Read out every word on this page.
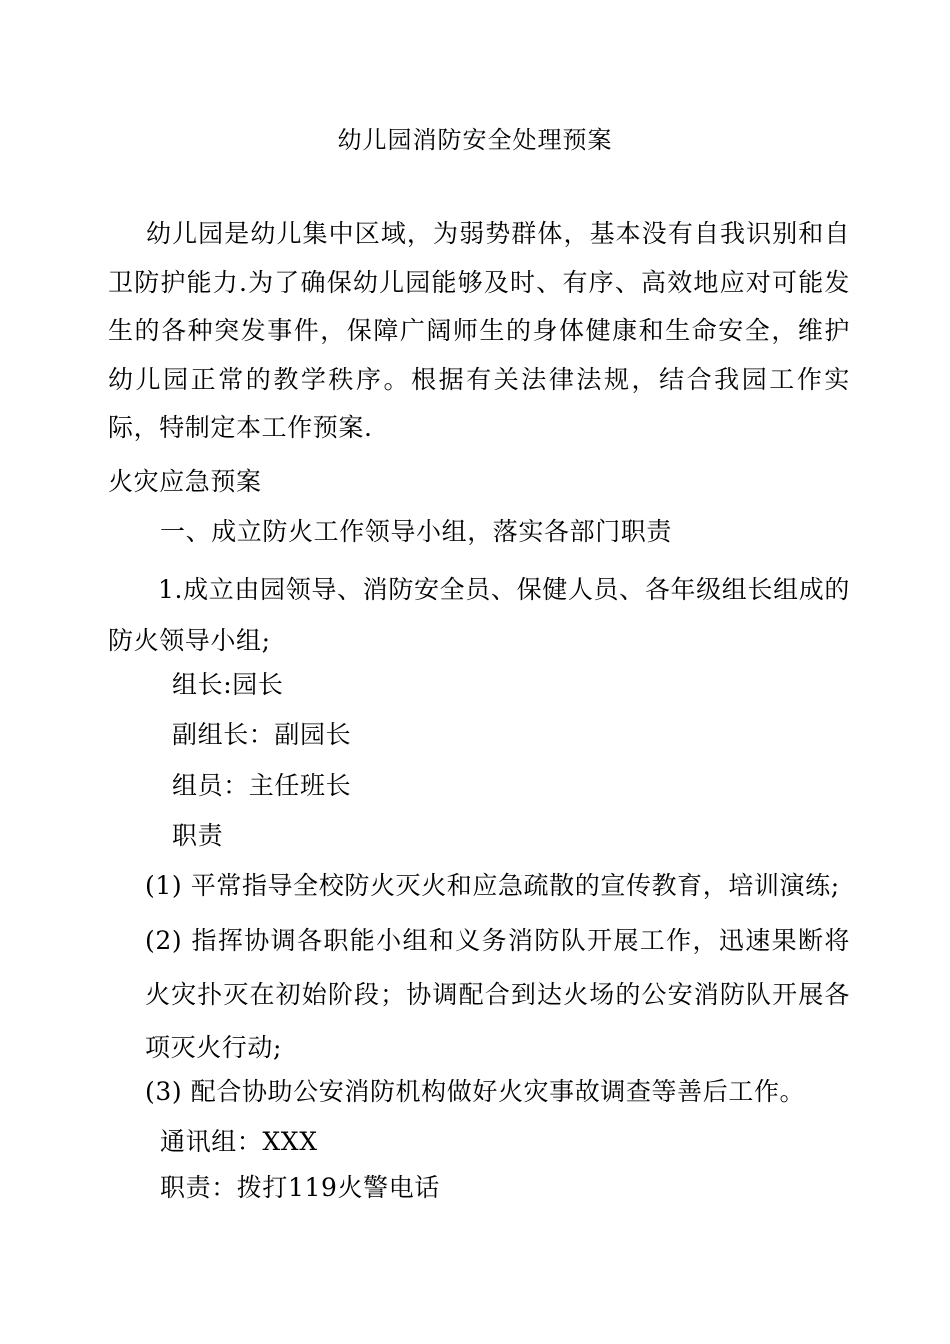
幼儿园消防安全处理预案
幼儿园是幼儿集中区域，为弱势群体，基本没有自我识别和自卫防护能力.为了确保幼儿园能够及时、有序、高效地应对可能发生的各种突发事件，保障广阔师生的身体健康和生命安全，维护幼儿园正常的教学秩序。根据有关法律法规，结合我园工作实际，特制定本工作预案.
火灾应急预案
一、成立防火工作领导小组，落实各部门职责
1.成立由园领导、消防安全员、保健人员、各年级组长组成的防火领导小组;
组长:园长
副组长：副园长
组员：主任班长
职责
(1) 平常指导全校防火灭火和应急疏散的宣传教育，培训演练;
(2) 指挥协调各职能小组和义务消防队开展工作，迅速果断将火灾扑灭在初始阶段；协调配合到达火场的公安消防队开展各项灭火行动;
(3) 配合协助公安消防机构做好火灾事故调查等善后工作。
通讯组：XXX
职责：拨打119火警电话
